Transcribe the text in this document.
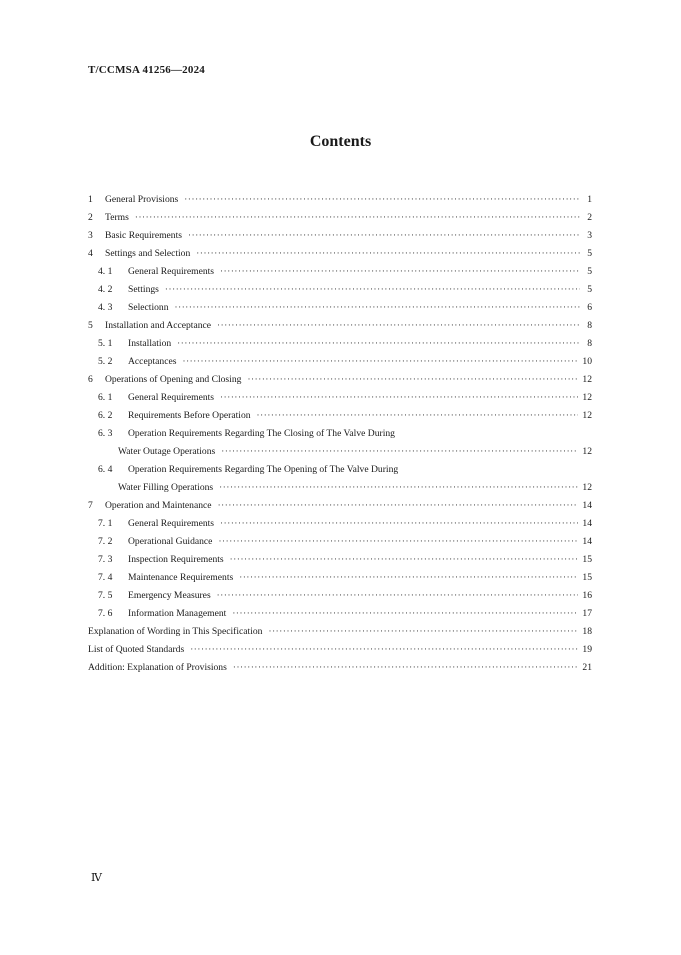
T/CCMSA 41256—2024
Contents
1	General Provisions ·····	1
2	Terms ·····	2
3	Basic Requirements ·····	3
4	Settings and Selection ·····	5
4. 1	General Requirements ·····	5
4. 2	Settings ·····	5
4. 3	Selectionn ·····	6
5	Installation and Acceptance ·····	8
5. 1	Installation ·····	8
5. 2	Acceptances ·····	10
6	Operations of Opening and Closing ·····	12
6. 1	General Requirements ·····	12
6. 2	Requirements Before Operation ·····	12
6. 3	Operation Requirements Regarding The Closing of The Valve During
Water Outage Operations ·····	12
6. 4	Operation Requirements Regarding The Opening of The Valve During
Water Filling Operations ·····	12
7	Operation and Maintenance ·····	14
7. 1	General Requirements ·····	14
7. 2	Operational Guidance ·····	14
7. 3	Inspection Requirements ·····	15
7. 4	Maintenance Requirements ·····	15
7. 5	Emergency Measures ·····	16
7. 6	Information Management ·····	17
Explanation of Wording in This Specification ·····	18
List of Quoted Standards ·····	19
Addition: Explanation of Provisions ·····	21
Ⅳ
